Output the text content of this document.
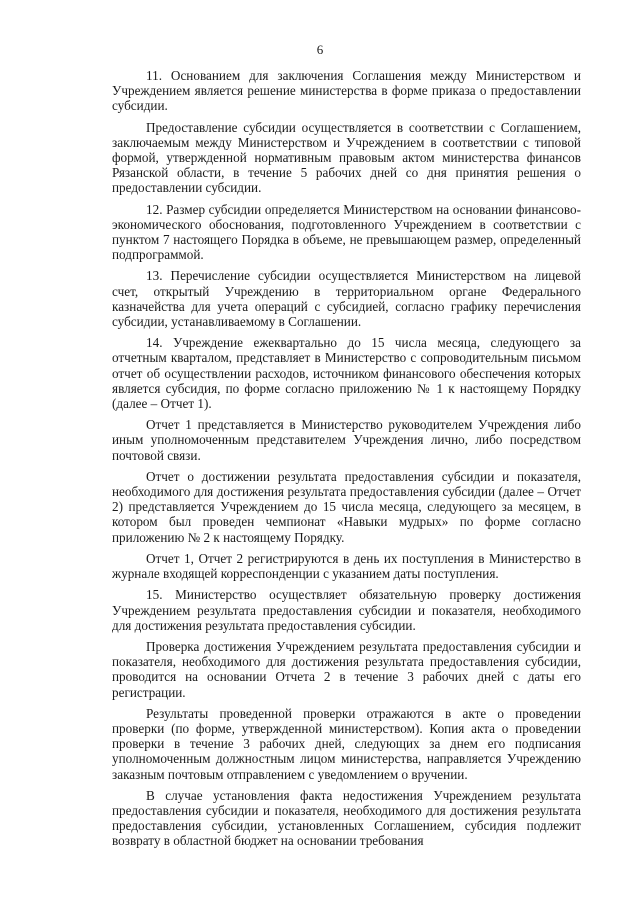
6

11. Основанием для заключения Соглашения между Министерством и Учреждением является решение министерства в форме приказа о предоставлении субсидии.

Предоставление субсидии осуществляется в соответствии с Соглашением, заключаемым между Министерством и Учреждением в соответствии с типовой формой, утвержденной нормативным правовым актом министерства финансов Рязанской области, в течение 5 рабочих дней со дня принятия решения о предоставлении субсидии.

12. Размер субсидии определяется Министерством на основании финансово-экономического обоснования, подготовленного Учреждением в соответствии с пунктом 7 настоящего Порядка в объеме, не превышающем размер, определенный подпрограммой.

13. Перечисление субсидии осуществляется Министерством на лицевой счет, открытый Учреждению в территориальном органе Федерального казначейства для учета операций с субсидией, согласно графику перечисления субсидии, устанавливаемому в Соглашении.

14. Учреждение ежеквартально до 15 числа месяца, следующего за отчетным кварталом, представляет в Министерство с сопроводительным письмом отчет об осуществлении расходов, источником финансового обеспечения которых является субсидия, по форме согласно приложению № 1 к настоящему Порядку (далее – Отчет 1).

Отчет 1 представляется в Министерство руководителем Учреждения либо иным уполномоченным представителем Учреждения лично, либо посредством почтовой связи.

Отчет о достижении результата предоставления субсидии и показателя, необходимого для достижения результата предоставления субсидии (далее – Отчет 2) представляется Учреждением до 15 числа месяца, следующего за месяцем, в котором был проведен чемпионат «Навыки мудрых» по форме согласно приложению № 2 к настоящему Порядку.

Отчет 1, Отчет 2 регистрируются в день их поступления в Министерство в журнале входящей корреспонденции с указанием даты поступления.

15. Министерство осуществляет обязательную проверку достижения Учреждением результата предоставления субсидии и показателя, необходимого для достижения результата предоставления субсидии.

Проверка достижения Учреждением результата предоставления субсидии и показателя, необходимого для достижения результата предоставления субсидии, проводится на основании Отчета 2 в течение 3 рабочих дней с даты его регистрации.

Результаты проведенной проверки отражаются в акте о проведении проверки (по форме, утвержденной министерством). Копия акта о проведении проверки в течение 3 рабочих дней, следующих за днем его подписания уполномоченным должностным лицом министерства, направляется Учреждению заказным почтовым отправлением с уведомлением о вручении.

В случае установления факта недостижения Учреждением результата предоставления субсидии и показателя, необходимого для достижения результата предоставления субсидии, установленных Соглашением, субсидия подлежит возврату в областной бюджет на основании требования
